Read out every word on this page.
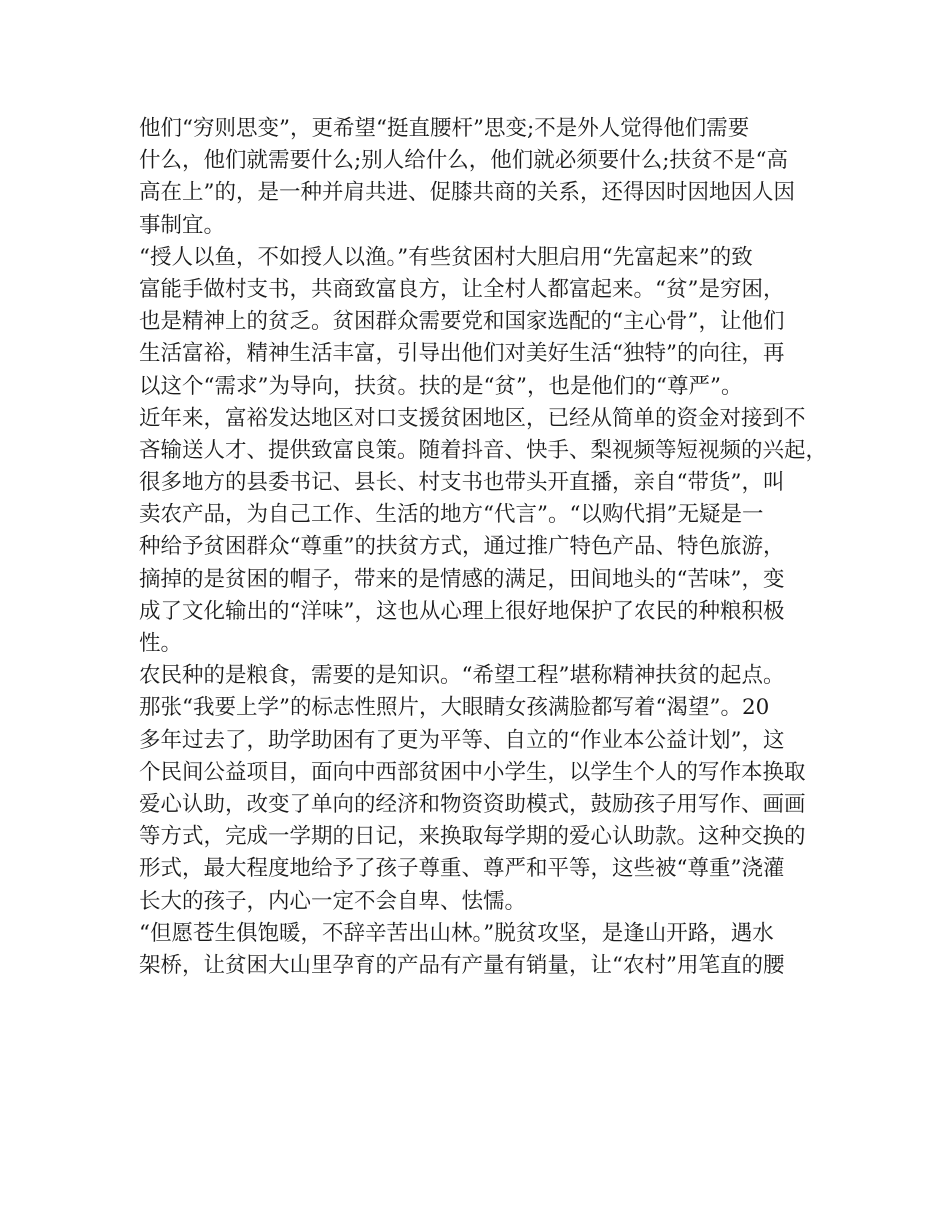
他们“穷则思变”，更希望“挺直腰杆”思变;不是外人觉得他们需要
什么，他们就需要什么;别人给什么，他们就必须要什么;扶贫不是“高
高在上”的，是一种并肩共进、促膝共商的关系，还得因时因地因人因
事制宜。
“授人以鱼，不如授人以渔。”有些贫困村大胆启用“先富起来”的致
富能手做村支书，共商致富良方，让全村人都富起来。“贫”是穷困，
也是精神上的贫乏。贫困群众需要党和国家选配的“主心骨”，让他们
生活富裕，精神生活丰富，引导出他们对美好生活“独特”的向往，再
以这个“需求”为导向，扶贫。扶的是“贫”，也是他们的“尊严”。
近年来，富裕发达地区对口支援贫困地区，已经从简单的资金对接到不
吝输送人才、提供致富良策。随着抖音、快手、梨视频等短视频的兴起，
很多地方的县委书记、县长、村支书也带头开直播，亲自“带货”，叫
卖农产品，为自己工作、生活的地方“代言”。“以购代捐”无疑是一
种给予贫困群众“尊重”的扶贫方式，通过推广特色产品、特色旅游，
摘掉的是贫困的帽子，带来的是情感的满足，田间地头的“苦味”，变
成了文化输出的“洋味”，这也从心理上很好地保护了农民的种粮积极
性。
农民种的是粮食，需要的是知识。“希望工程”堪称精神扶贫的起点。
那张“我要上学”的标志性照片，大眼睛女孩满脸都写着“渴望”。20
多年过去了，助学助困有了更为平等、自立的“作业本公益计划”，这
个民间公益项目，面向中西部贫困中小学生，以学生个人的写作本换取
爱心认助，改变了单向的经济和物资资助模式，鼓励孩子用写作、画画
等方式，完成一学期的日记，来换取每学期的爱心认助款。这种交换的
形式，最大程度地给予了孩子尊重、尊严和平等，这些被“尊重”浇灌
长大的孩子，内心一定不会自卑、怯懦。
“但愿苍生俱饱暖，不辞辛苦出山林。”脱贫攻坚，是逢山开路，遇水
架桥，让贫困大山里孕育的产品有产量有销量，让“农村”用笔直的腰
